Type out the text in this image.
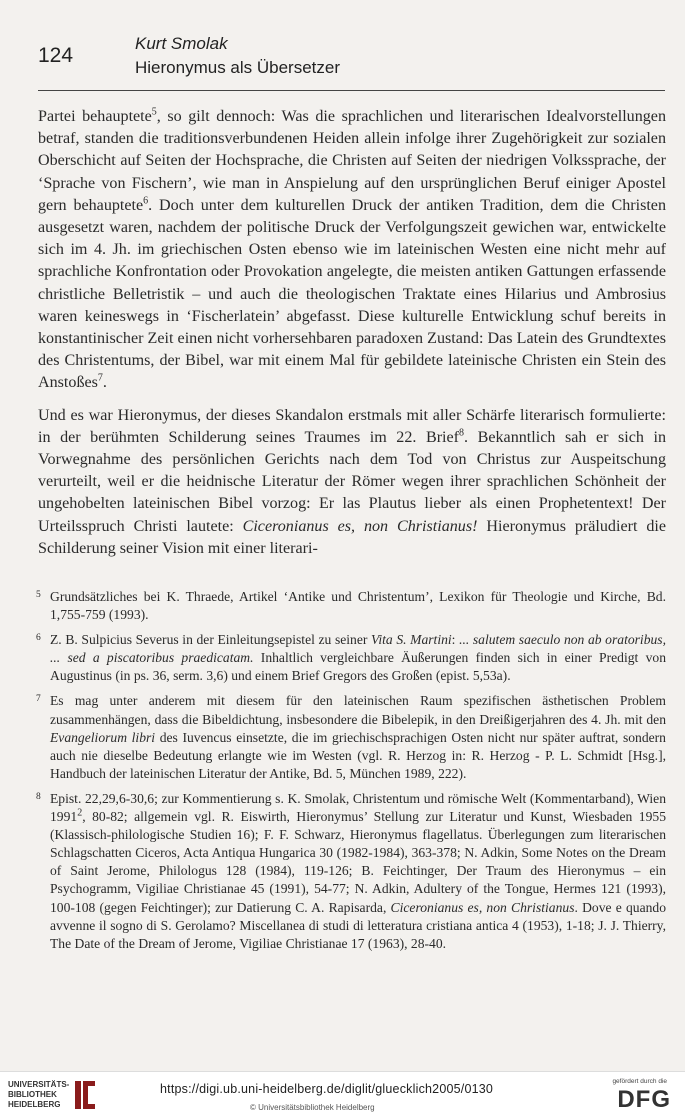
124
Kurt Smolak
Hieronymus als Übersetzer

Partei behauptete$^5$, so gilt dennoch: Was die sprachlichen und literarischen Idealvorstellungen betraf, standen die traditionsverbundenen Heiden allein infolge ihrer Zugehörigkeit zur sozialen Oberschicht auf Seiten der Hochsprache, die Christen auf Seiten der niedrigen Volkssprache, der ‘Sprache von Fischern’, wie man in Anspielung auf den ursprünglichen Beruf einiger Apostel gern behauptete$^6$. Doch unter dem kulturellen Druck der antiken Tradition, dem die Christen ausgesetzt waren, nachdem der politische Druck der Verfolgungszeit gewichen war, entwickelte sich im 4. Jh. im griechischen Osten ebenso wie im lateinischen Westen eine nicht mehr auf sprachliche Konfrontation oder Provokation angelegte, die meisten antiken Gattungen erfassende christliche Belletristik – und auch die theologischen Traktate eines Hilarius und Ambrosius waren keineswegs in ‘Fischerlatein’ abgefasst. Diese kulturelle Entwicklung schuf bereits in konstantinischer Zeit einen nicht vorhersehbaren paradoxen Zustand: Das Latein des Grundtextes des Christentums, der Bibel, war mit einem Mal für gebildete lateinische Christen ein Stein des Anstoßes$^7$.

Und es war Hieronymus, der dieses Skandalon erstmals mit aller Schärfe literarisch formulierte: in der berühmten Schilderung seines Traumes im 22. Brief$^8$. Bekanntlich sah er sich in Vorwegnahme des persönlichen Gerichts nach dem Tod von Christus zur Auspeitschung verurteilt, weil er die heidnische Literatur der Römer wegen ihrer sprachlichen Schönheit der ungehobelten lateinischen Bibel vorzog: Er las Plautus lieber als einen Prophetentext! Der Urteilsspruch Christi lautete: Ciceronianus es, non Christianus! Hieronymus präludiert die Schilderung seiner Vision mit einer literari-

5 Grundsätzliches bei K. Thraede, Artikel ‘Antike und Christentum’, Lexikon für Theologie und Kirche, Bd. 1,755-759 (1993).

6 Z. B. Sulpicius Severus in der Einleitungsepistel zu seiner Vita S. Martini: ... salutem saeculo non ab oratoribus, ... sed a piscatoribus praedicatam. Inhaltlich vergleichbare Äußerungen finden sich in einer Predigt von Augustinus (in ps. 36, serm. 3,6) und einem Brief Gregors des Großen (epist. 5,53a).

7 Es mag unter anderem mit diesem für den lateinischen Raum spezifischen ästhetischen Problem zusammenhängen, dass die Bibeldichtung, insbesondere die Bibelepik, in den Dreißigerjahren des 4. Jh. mit den Evangeliorum libri des Iuvencus einsetzte, die im griechischsprachigen Osten nicht nur später auftrat, sondern auch nie dieselbe Bedeutung erlangte wie im Westen (vgl. R. Herzog in: R. Herzog - P. L. Schmidt [Hsg.], Handbuch der lateinischen Literatur der Antike, Bd. 5, München 1989, 222).

8 Epist. 22,29,6-30,6; zur Kommentierung s. K. Smolak, Christentum und römische Welt (Kommentarband), Wien 1991$^2$, 80-82; allgemein vgl. R. Eiswirth, Hieronymus’ Stellung zur Literatur und Kunst, Wiesbaden 1955 (Klassisch-philologische Studien 16); F. F. Schwarz, Hieronymus flagellatus. Überlegungen zum literarischen Schlagschatten Ciceros, Acta Antiqua Hungarica 30 (1982-1984), 363-378; N. Adkin, Some Notes on the Dream of Saint Jerome, Philologus 128 (1984), 119-126; B. Feichtinger, Der Traum des Hieronymus – ein Psychogramm, Vigiliae Christianae 45 (1991), 54-77; N. Adkin, Adultery of the Tongue, Hermes 121 (1993), 100-108 (gegen Feichtinger); zur Datierung C. A. Rapisarda, Ciceronianus es, non Christianus. Dove e quando avvenne il sogno di S. Gerolamo? Miscellanea di studi di letteratura cristiana antica 4 (1953), 1-18; J. J. Thierry, The Date of the Dream of Jerome, Vigiliae Christianae 17 (1963), 28-40.

UNIVERSITÄTS-
BIBLIOTHEK
HEIDELBERG
https://digi.ub.uni-heidelberg.de/diglit/gluecklich2005/0130
© Universitätsbibliothek Heidelberg
gefördert durch die
DFG
